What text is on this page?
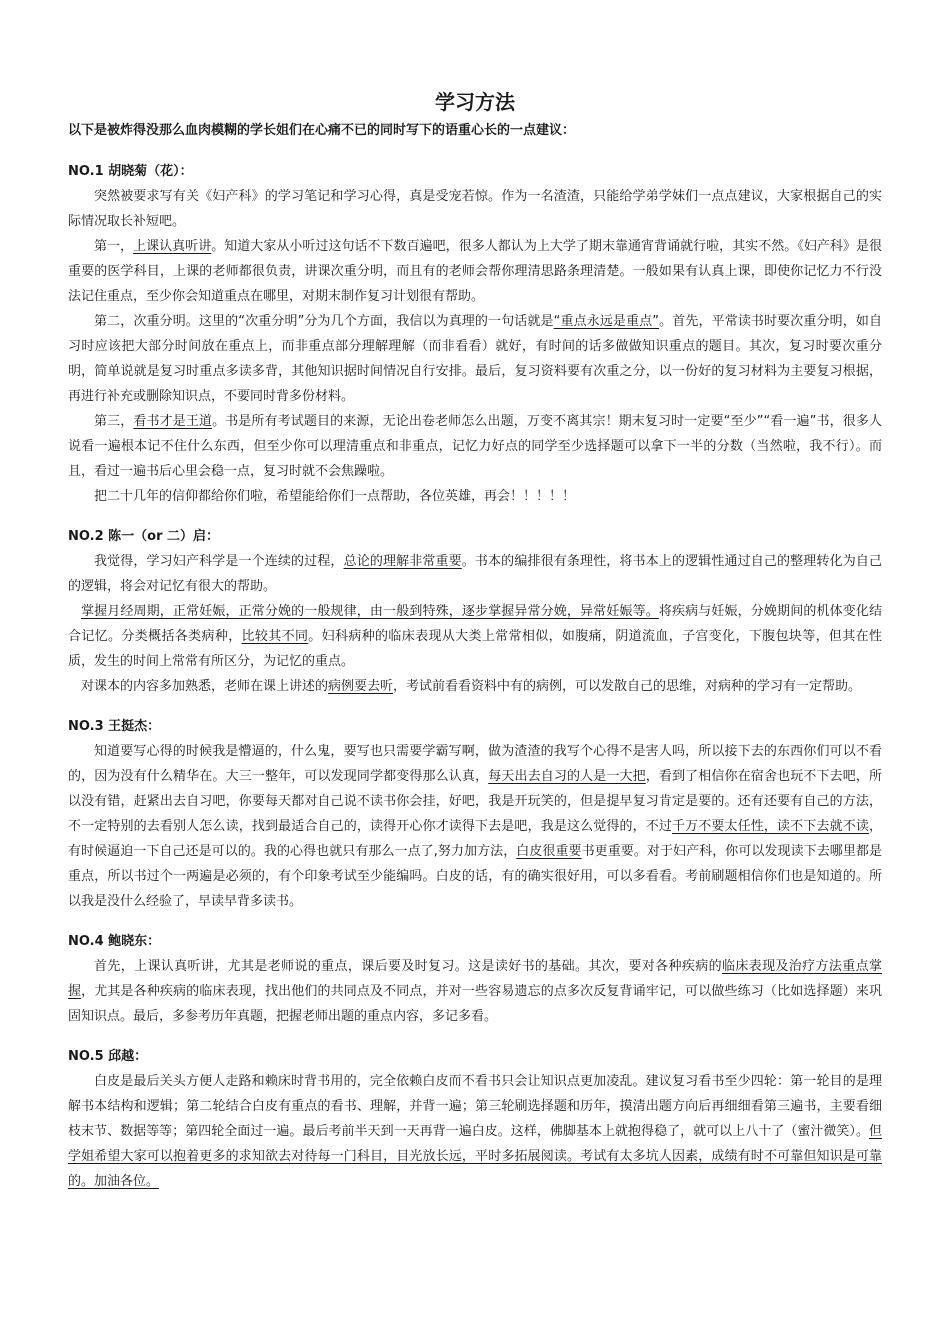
学习方法

以下是被炸得没那么血肉模糊的学长姐们在心痛不已的同时写下的语重心长的一点建议：

NO.1 胡晓菊（花）：

突然被要求写有关《妇产科》的学习笔记和学习心得，真是受宠若惊。作为一名渣渣，只能给学弟学妹们一点点建议，大家根据自己的实际情况取长补短吧。

第一，上课认真听讲。知道大家从小听过这句话不下数百遍吧，很多人都认为上大学了期末靠通宵背诵就行啦，其实不然。《妇产科》是很重要的医学科目，上课的老师都很负责，讲课次重分明，而且有的老师会帮你理清思路条理清楚。一般如果有认真上课，即使你记忆力不行没法记住重点，至少你会知道重点在哪里，对期末制作复习计划很有帮助。

第二，次重分明。这里的“次重分明”分为几个方面，我信以为真理的一句话就是“重点永远是重点”。首先，平常读书时要次重分明，如自习时应该把大部分时间放在重点上，而非重点部分理解理解（而非看看）就好，有时间的话多做做知识重点的题目。其次，复习时要次重分明，简单说就是复习时重点多读多背，其他知识据时间情况自行安排。最后，复习资料要有次重之分，以一份好的复习材料为主要复习根据，再进行补充或删除知识点，不要同时背多份材料。

第三，看书才是王道。书是所有考试题目的来源，无论出卷老师怎么出题，万变不离其宗！期末复习时一定要“至少”“看一遍”书，很多人说看一遍根本记不住什么东西，但至少你可以理清重点和非重点，记忆力好点的同学至少选择题可以拿下一半的分数（当然啦，我不行）。而且，看过一遍书后心里会稳一点，复习时就不会焦躁啦。

把二十几年的信仰都给你们啦，希望能给你们一点帮助，各位英雄，再会！！！！！

NO.2 陈一（or 二）启：

我觉得，学习妇产科学是一个连续的过程，总论的理解非常重要。书本的编排很有条理性，将书本上的逻辑性通过自己的整理转化为自己的逻辑，将会对记忆有很大的帮助。

掌握月经周期，正常妊娠，正常分娩的一般规律，由一般到特殊，逐步掌握异常分娩，异常妊娠等。将疾病与妊娠，分娩期间的机体变化结合记忆。分类概括各类病种，比较其不同。妇科病种的临床表现从大类上常常相似，如腹痛，阴道流血，子宫变化，下腹包块等，但其在性质，发生的时间上常常有所区分，为记忆的重点。

对课本的内容多加熟悉，老师在课上讲述的病例要去听，考试前看看资料中有的病例，可以发散自己的思维，对病种的学习有一定帮助。

NO.3 王挺杰：

知道要写心得的时候我是懵逼的，什么鬼，要写也只需要学霸写啊，做为渣渣的我写个心得不是害人吗，所以接下去的东西你们可以不看的，因为没有什么精华在。大三一整年，可以发现同学都变得那么认真，每天出去自习的人是一大把，看到了相信你在宿舍也玩不下去吧，所以没有错，赶紧出去自习吧，你要每天都对自己说不读书你会挂，好吧，我是开玩笑的，但是提早复习肯定是要的。还有还要有自己的方法，不一定特别的去看别人怎么读，找到最适合自己的，读得开心你才读得下去是吧，我是这么觉得的，不过千万不要太任性，读不下去就不读，有时候逼迫一下自己还是可以的。我的心得也就只有那么一点了,努力加方法，白皮很重要书更重要。对于妇产科，你可以发现读下去哪里都是重点，所以书过个一两遍是必须的，有个印象考试至少能编吗。白皮的话，有的确实很好用，可以多看看。考前刷题相信你们也是知道的。所以我是没什么经验了，早读早背多读书。

NO.4 鲍晓东：

首先，上课认真听讲，尤其是老师说的重点，课后要及时复习。这是读好书的基础。其次，要对各种疾病的临床表现及治疗方法重点掌握，尤其是各种疾病的临床表现，找出他们的共同点及不同点，并对一些容易遗忘的点多次反复背诵牢记，可以做些练习（比如选择题）来巩固知识点。最后，多参考历年真题，把握老师出题的重点内容，多记多看。

NO.5 邱越：

白皮是最后关头方便人走路和赖床时背书用的，完全依赖白皮而不看书只会让知识点更加凌乱。建议复习看书至少四轮：第一轮目的是理解书本结构和逻辑；第二轮结合白皮有重点的看书、理解，并背一遍；第三轮刷选择题和历年，摸清出题方向后再细细看第三遍书，主要看细枝末节、数据等等；第四轮全面过一遍。最后考前半天到一天再背一遍白皮。这样，佛脚基本上就抱得稳了，就可以上八十了（蜜汁微笑）。但学姐希望大家可以抱着更多的求知欲去对待每一门科目，目光放长远，平时多拓展阅读。考试有太多坑人因素，成绩有时不可靠但知识是可靠的。加油各位。
